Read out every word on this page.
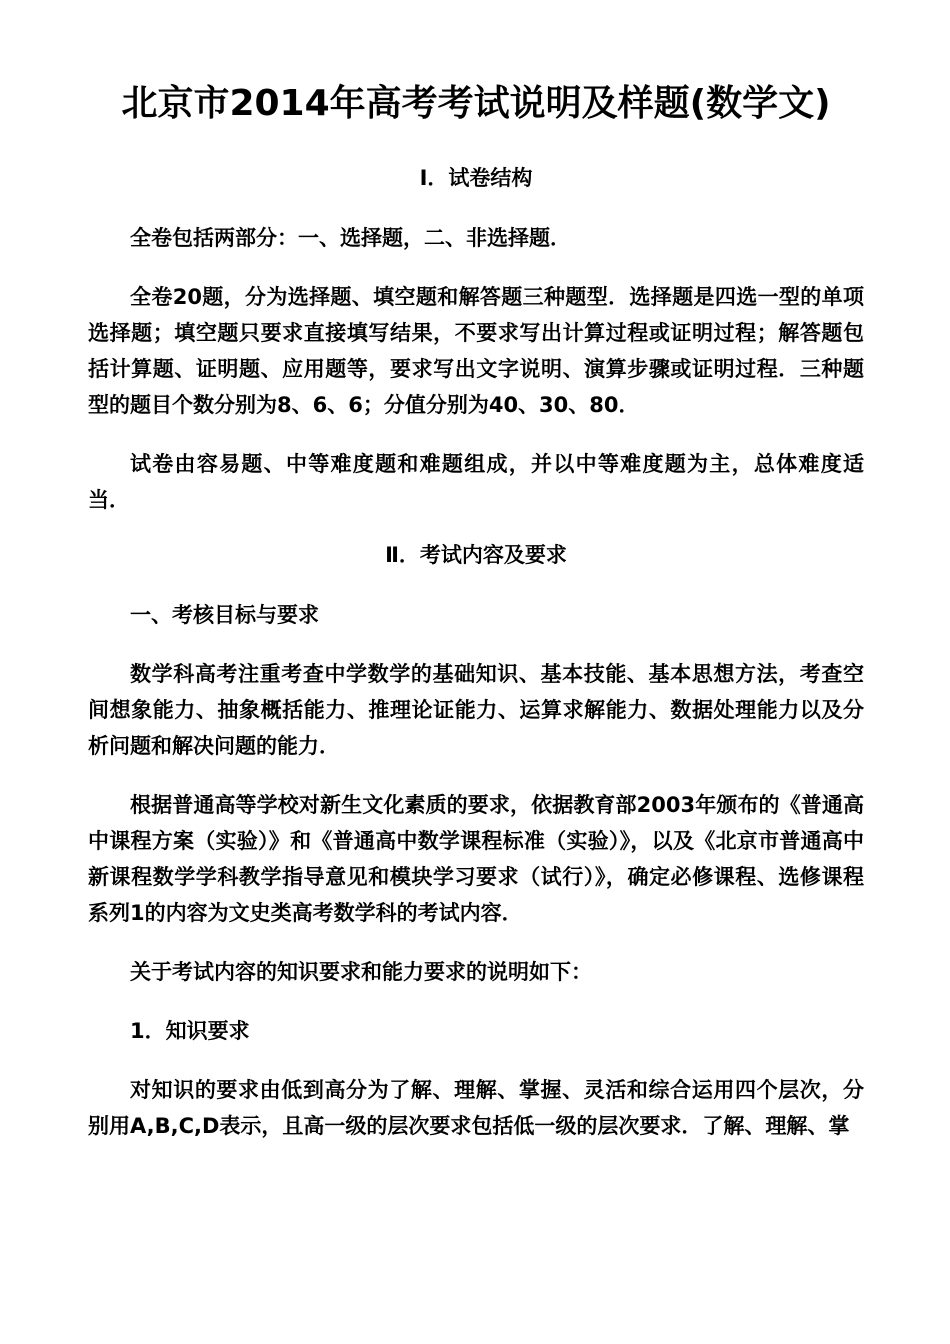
北京市2014年高考考试说明及样题(数学文)
Ⅰ．试卷结构

全卷包括两部分：一、选择题，二、非选择题．

全卷20题，分为选择题、填空题和解答题三种题型．选择题是四选一型的单项选择题；填空题只要求直接填写结果，不要求写出计算过程或证明过程；解答题包括计算题、证明题、应用题等，要求写出文字说明、演算步骤或证明过程．三种题型的题目个数分别为8、6、6；分值分别为40、30、80．

试卷由容易题、中等难度题和难题组成，并以中等难度题为主，总体难度适当．

Ⅱ．考试内容及要求
一、考核目标与要求

数学科高考注重考查中学数学的基础知识、基本技能、基本思想方法，考查空间想象能力、抽象概括能力、推理论证能力、运算求解能力、数据处理能力以及分析问题和解决问题的能力．

根据普通高等学校对新生文化素质的要求，依据教育部2003年颁布的《普通高中课程方案（实验）》和《普通高中数学课程标准（实验）》，以及《北京市普通高中新课程数学学科教学指导意见和模块学习要求（试行）》，确定必修课程、选修课程系列1的内容为文史类高考数学科的考试内容．

关于考试内容的知识要求和能力要求的说明如下：

1．知识要求

对知识的要求由低到高分为了解、理解、掌握、灵活和综合运用四个层次，分别用A,B,C,D表示，且高一级的层次要求包括低一级的层次要求．了解、理解、掌
